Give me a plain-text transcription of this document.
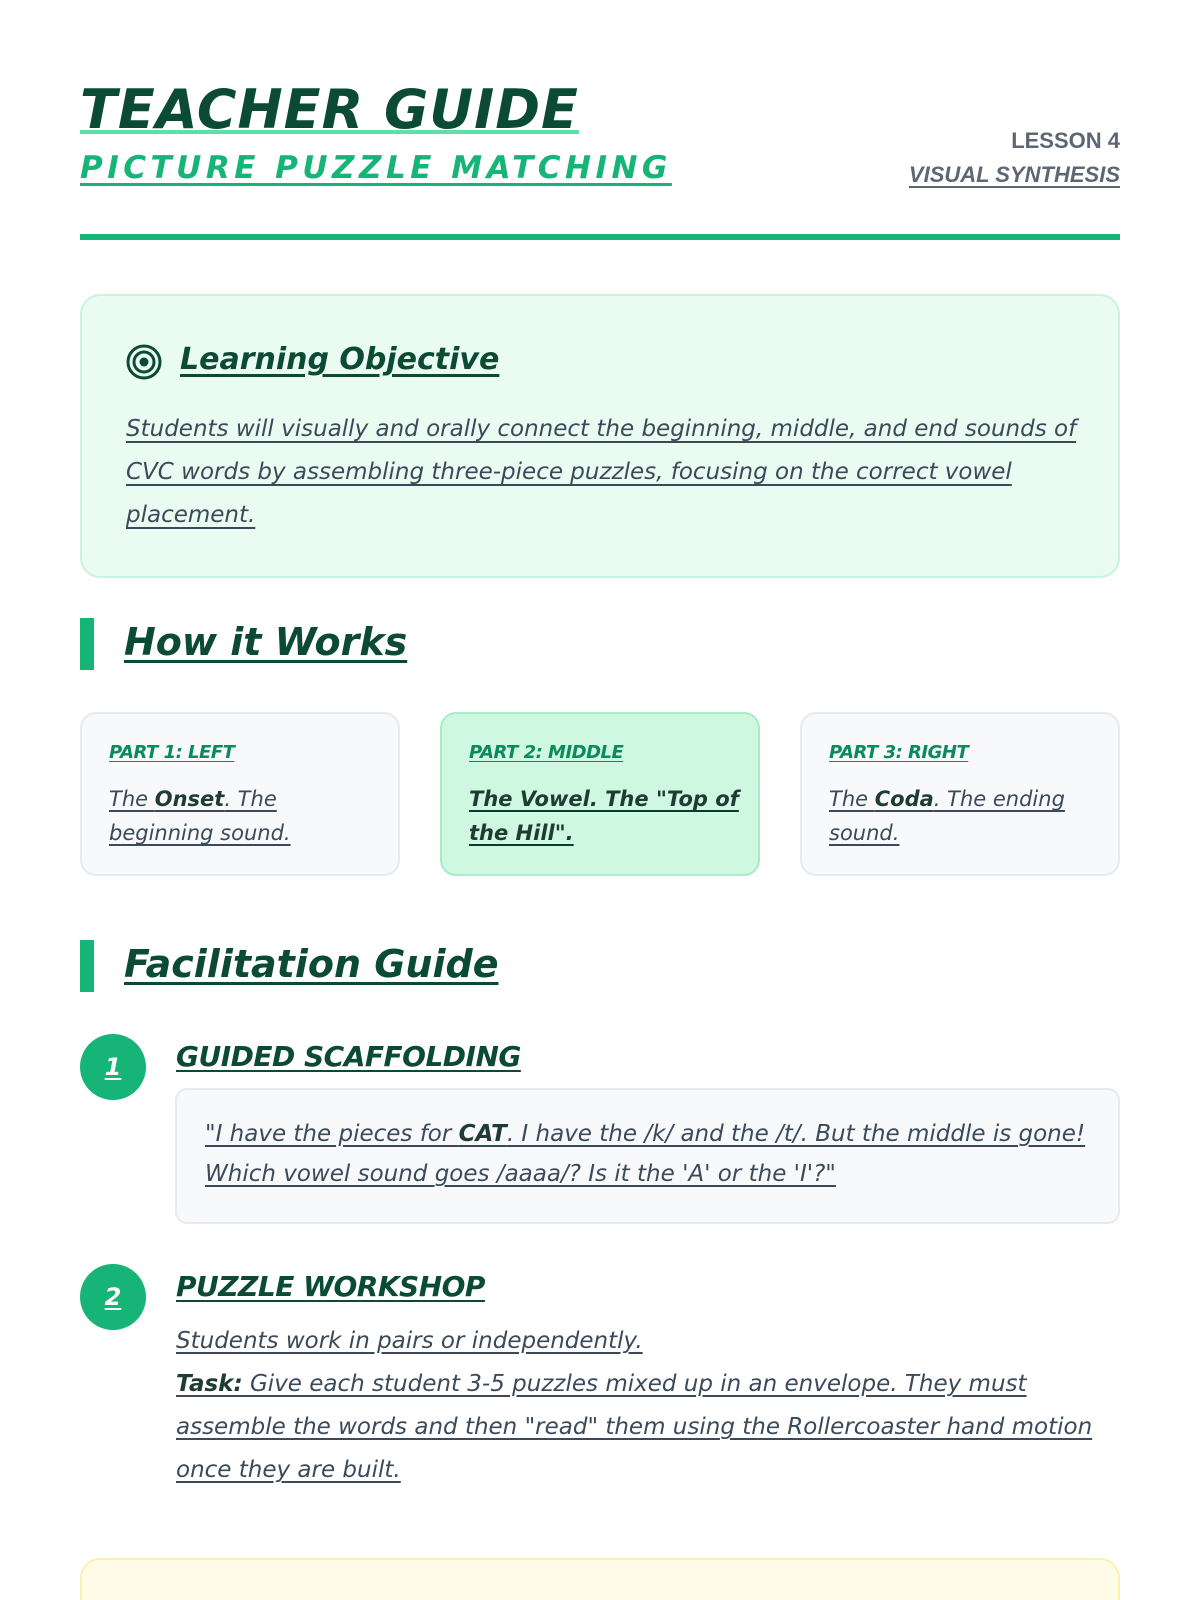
TEACHER GUIDE
PICTURE PUZZLE MATCHING
LESSON 4
VISUAL SYNTHESIS
Learning Objective
Students will visually and orally connect the beginning, middle, and end sounds of CVC words by assembling three-piece puzzles, focusing on the correct vowel placement.
How it Works
PART 1: LEFT
The Onset. The beginning sound.
PART 2: MIDDLE
The Vowel. The "Top of the Hill".
PART 3: RIGHT
The Coda. The ending sound.
Facilitation Guide
1	GUIDED SCAFFOLDING
"I have the pieces for CAT. I have the /k/ and the /t/. But the middle is gone! Which vowel sound goes /aaaa/? Is it the 'A' or the 'I'?"
2	PUZZLE WORKSHOP
Students work in pairs or independently.
Task: Give each student 3-5 puzzles mixed up in an envelope. They must assemble the words and then "read" them using the Rollercoaster hand motion once they are built.
